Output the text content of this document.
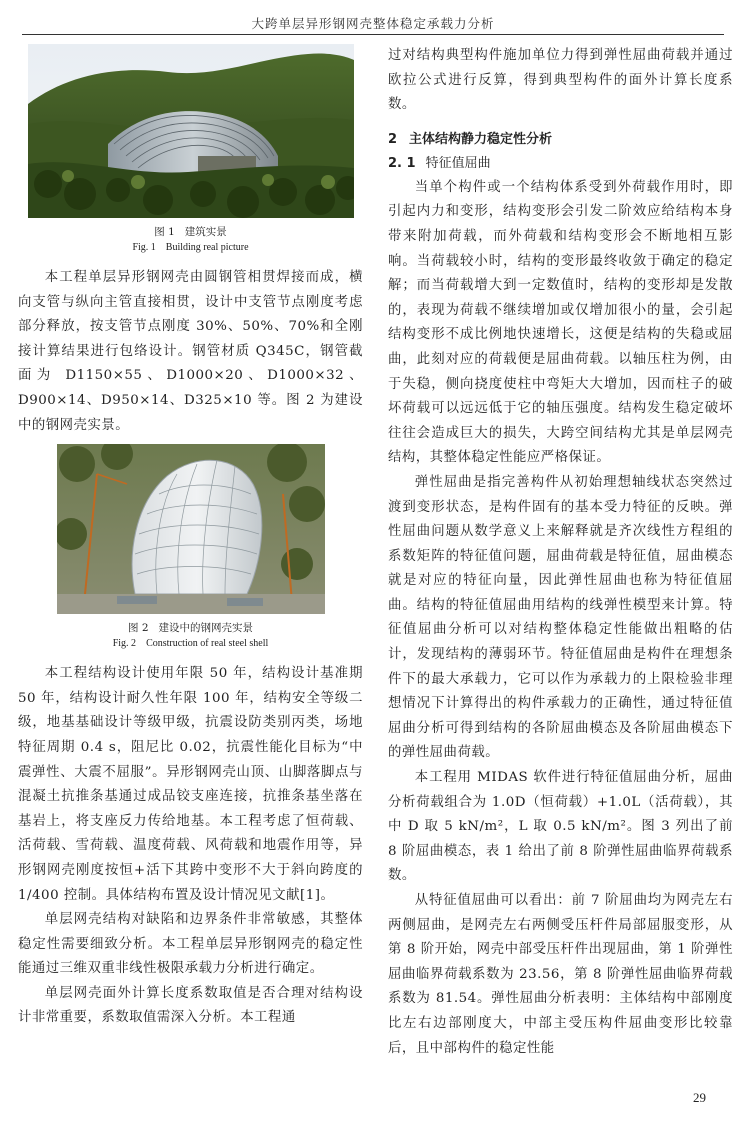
大跨单层异形钢网壳整体稳定承载力分析
图 1 建筑实景
Fig. 1 Building real picture

本工程单层异形钢网壳由圆钢管相贯焊接而成，横向支管与纵向主管直接相贯，设计中支管节点刚度考虑部分释放，按支管节点刚度 30%、50%、70%和全刚接计算结果进行包络设计。钢管材质 Q345C，钢管截面为 D1150×55、D1000×20、D1000×32、D900×14、D950×14、D325×10 等。图 2 为建设中的钢网壳实景。

图 2 建设中的钢网壳实景
Fig. 2 Construction of real steel shell

本工程结构设计使用年限 50 年，结构设计基准期 50 年，结构设计耐久性年限 100 年，结构安全等级二级，地基基础设计等级甲级，抗震设防类别丙类，场地特征周期 0.4 s，阻尼比 0.02，抗震性能化目标为“中震弹性、大震不屈服”。异形钢网壳山顶、山脚落脚点与混凝土抗推条基通过成品铰支座连接，抗推条基坐落在基岩上，将支座反力传给地基。本工程考虑了恒荷载、活荷载、雪荷载、温度荷载、风荷载和地震作用等，异形钢网壳刚度按恒+活下其跨中变形不大于斜向跨度的 1/400 控制。具体结构布置及设计情况见文献[1]。

单层网壳结构对缺陷和边界条件非常敏感，其整体稳定性需要细致分析。本工程单层异形钢网壳的稳定性能通过三维双重非线性极限承载力分析进行确定。

单层网壳面外计算长度系数取值是否合理对结构设计非常重要，系数取值需深入分析。本工程通

过对结构典型构件施加单位力得到弹性屈曲荷载并通过欧拉公式进行反算，得到典型构件的面外计算长度系数。

2 主体结构静力稳定性分析
2. 1 特征值屈曲

当单个构件或一个结构体系受到外荷载作用时，即引起内力和变形，结构变形会引发二阶效应给结构本身带来附加荷载，而外荷载和结构变形会不断地相互影响。当荷载较小时，结构的变形最终收敛于确定的稳定解；而当荷载增大到一定数值时，结构的变形却是发散的，表现为荷载不继续增加或仅增加很小的量，会引起结构变形不成比例地快速增长，这便是结构的失稳或屈曲，此刻对应的荷载便是屈曲荷载。以轴压柱为例，由于失稳，侧向挠度使柱中弯矩大大增加，因而柱子的破坏荷载可以远远低于它的轴压强度。结构发生稳定破坏往往会造成巨大的损失，大跨空间结构尤其是单层网壳结构，其整体稳定性能应严格保证。

弹性屈曲是指完善构件从初始理想轴线状态突然过渡到变形状态，是构件固有的基本受力特征的反映。弹性屈曲问题从数学意义上来解释就是齐次线性方程组的系数矩阵的特征值问题，屈曲荷载是特征值，屈曲模态就是对应的特征向量，因此弹性屈曲也称为特征值屈曲。结构的特征值屈曲用结构的线弹性模型来计算。特征值屈曲分析可以对结构整体稳定性能做出粗略的估计，发现结构的薄弱环节。特征值屈曲是构件在理想条件下的最大承载力，它可以作为承载力的上限检验非理想情况下计算得出的构件承载力的正确性，通过特征值屈曲分析可得到结构的各阶屈曲模态及各阶屈曲模态下的弹性屈曲荷载。

本工程用 MIDAS 软件进行特征值屈曲分析，屈曲分析荷载组合为 1.0D（恒荷载）+1.0L（活荷载），其中 D 取 5 kN/m²，L 取 0.5 kN/m²。图 3 列出了前 8 阶屈曲模态，表 1 给出了前 8 阶弹性屈曲临界荷载系数。

从特征值屈曲可以看出：前 7 阶屈曲均为网壳左右两侧屈曲，是网壳左右两侧受压杆件局部屈服变形，从第 8 阶开始，网壳中部受压杆件出现屈曲，第 1 阶弹性屈曲临界荷载系数为 23.56，第 8 阶弹性屈曲临界荷载系数为 81.54。弹性屈曲分析表明：主体结构中部刚度比左右边部刚度大，中部主受压构件屈曲变形比较靠后，且中部构件的稳定性能

29
